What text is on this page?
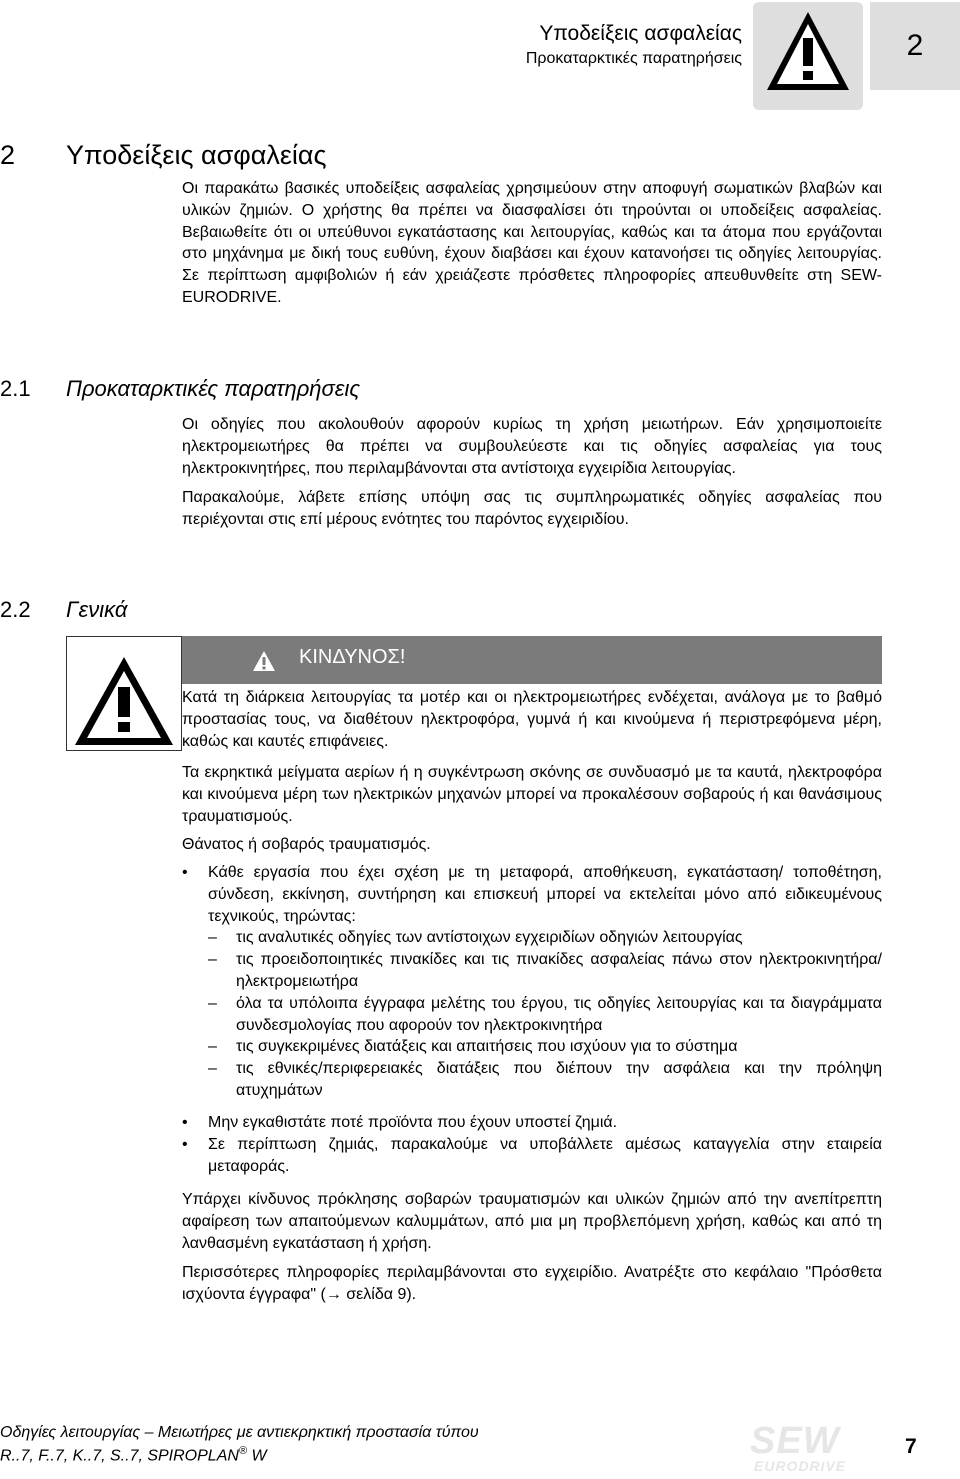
Υποδείξεις ασφαλείας
Προκαταρκτικές παρατηρήσεις	2
2 Υποδείξεις ασφαλείας

Οι παρακάτω βασικές υποδείξεις ασφαλείας χρησιμεύουν στην αποφυγή σωματικών βλαβών και υλικών ζημιών. Ο χρήστης θα πρέπει να διασφαλίσει ότι τηρούνται οι υποδείξεις ασφαλείας. Βεβαιωθείτε ότι οι υπεύθυνοι εγκατάστασης και λειτουργίας, καθώς και τα άτομα που εργάζονται στο μηχάνημα με δική τους ευθύνη, έχουν διαβάσει και έχουν κατανοήσει τις οδηγίες λειτουργίας. Σε περίπτωση αμφιβολιών ή εάν χρειάζεστε πρόσθετες πληροφορίες απευθυνθείτε στη SEW-EURODRIVE.

2.1 Προκαταρκτικές παρατηρήσεις

Οι οδηγίες που ακολουθούν αφορούν κυρίως τη χρήση μειωτήρων. Εάν χρησιμοποιείτε ηλεκτρομειωτήρες θα πρέπει να συμβουλεύεστε και τις οδηγίες ασφαλείας για τους ηλεκτροκινητήρες, που περιλαμβάνονται στα αντίστοιχα εγχειρίδια λειτουργίας.

Παρακαλούμε, λάβετε επίσης υπόψη σας τις συμπληρωματικές οδηγίες ασφαλείας που περιέχονται στις επί μέρους ενότητες του παρόντος εγχειριδίου.

2.2 Γενικά
ΚΙΝΔΥΝΟΣ!

Κατά τη διάρκεια λειτουργίας τα μοτέρ και οι ηλεκτρομειωτήρες ενδέχεται, ανάλογα με το βαθμό προστασίας τους, να διαθέτουν ηλεκτροφόρα, γυμνά ή και κινούμενα ή περιστρεφόμενα μέρη, καθώς και καυτές επιφάνειες.

Τα εκρηκτικά μείγματα αερίων ή η συγκέντρωση σκόνης σε συνδυασμό με τα καυτά, ηλεκτροφόρα και κινούμενα μέρη των ηλεκτρικών μηχανών μπορεί να προκαλέσουν σοβαρούς ή και θανάσιμους τραυματισμούς.

Θάνατος ή σοβαρός τραυματισμός.

• Κάθε εργασία που έχει σχέση με τη μεταφορά, αποθήκευση, εγκατάσταση/ τοποθέτηση, σύνδεση, εκκίνηση, συντήρηση και επισκευή μπορεί να εκτελείται μόνο από ειδικευμένους τεχνικούς, τηρώντας:
– τις αναλυτικές οδηγίες των αντίστοιχων εγχειριδίων οδηγιών λειτουργίας
– τις προειδοποιητικές πινακίδες και τις πινακίδες ασφαλείας πάνω στον ηλεκτροκινητήρα/ηλεκτρομειωτήρα
– όλα τα υπόλοιπα έγγραφα μελέτης του έργου, τις οδηγίες λειτουργίας και τα διαγράμματα συνδεσμολογίας που αφορούν τον ηλεκτροκινητήρα
– τις συγκεκριμένες διατάξεις και απαιτήσεις που ισχύουν για το σύστημα
– τις εθνικές/περιφερειακές διατάξεις που διέπουν την ασφάλεια και την πρόληψη ατυχημάτων
• Μην εγκαθιστάτε ποτέ προϊόντα που έχουν υποστεί ζημιά.
• Σε περίπτωση ζημιάς, παρακαλούμε να υποβάλλετε αμέσως καταγγελία στην εταιρεία μεταφοράς.

Υπάρχει κίνδυνος πρόκλησης σοβαρών τραυματισμών και υλικών ζημιών από την ανεπίτρεπτη αφαίρεση των απαιτούμενων καλυμμάτων, από μια μη προβλεπόμενη χρήση, καθώς και από τη λανθασμένη εγκατάσταση ή χρήση.

Περισσότερες πληροφορίες περιλαμβάνονται στο εγχειρίδιο. Ανατρέξτε στο κεφάλαιο "Πρόσθετα ισχύοντα έγγραφα" (→ σελίδα 9).

Οδηγίες λειτουργίας – Μειωτήρες με αντιεκρηκτική προστασία τύπου
R..7, F..7, K..7, S..7, SPIROPLAN® W	SEW
EURODRIVE
7
